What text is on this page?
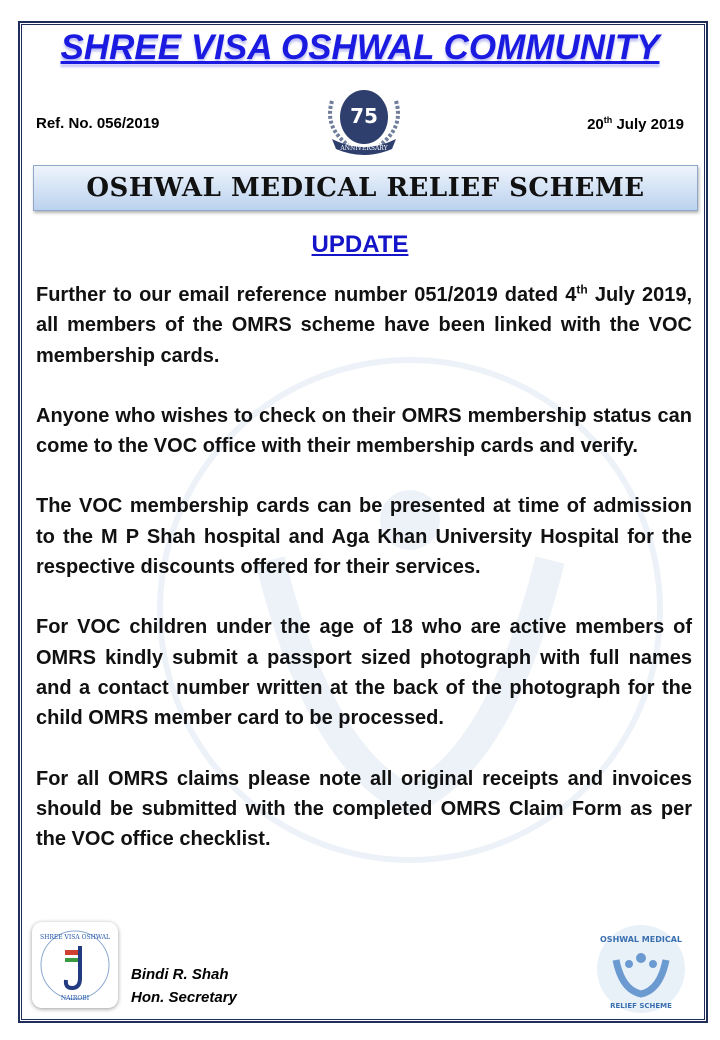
SHREE VISA OSHWAL COMMUNITY
Ref. No. 056/2019	75
ANNIVERSARY
20th July 2019
OSHWAL MEDICAL RELIEF SCHEME
UPDATE

Further to our email reference number 051/2019 dated 4th July 2019, all members of the OMRS scheme have been linked with the VOC membership cards.

Anyone who wishes to check on their OMRS membership status can come to the VOC office with their membership cards and verify.

The VOC membership cards can be presented at time of admission to the M P Shah hospital and Aga Khan University Hospital for the respective discounts offered for their services.

For VOC children under the age of 18 who are active members of OMRS kindly submit a passport sized photograph with full names and a contact number written at the back of the photograph for the child OMRS member card to be processed.

For all OMRS claims please note all original receipts and invoices should be submitted with the completed OMRS Claim Form as per the VOC office checklist.

SHREE VISA OSHWAL
NAIROBI
Bindi R. Shah
Hon. Secretary
OSHWAL MEDICAL
RELIEF SCHEME
